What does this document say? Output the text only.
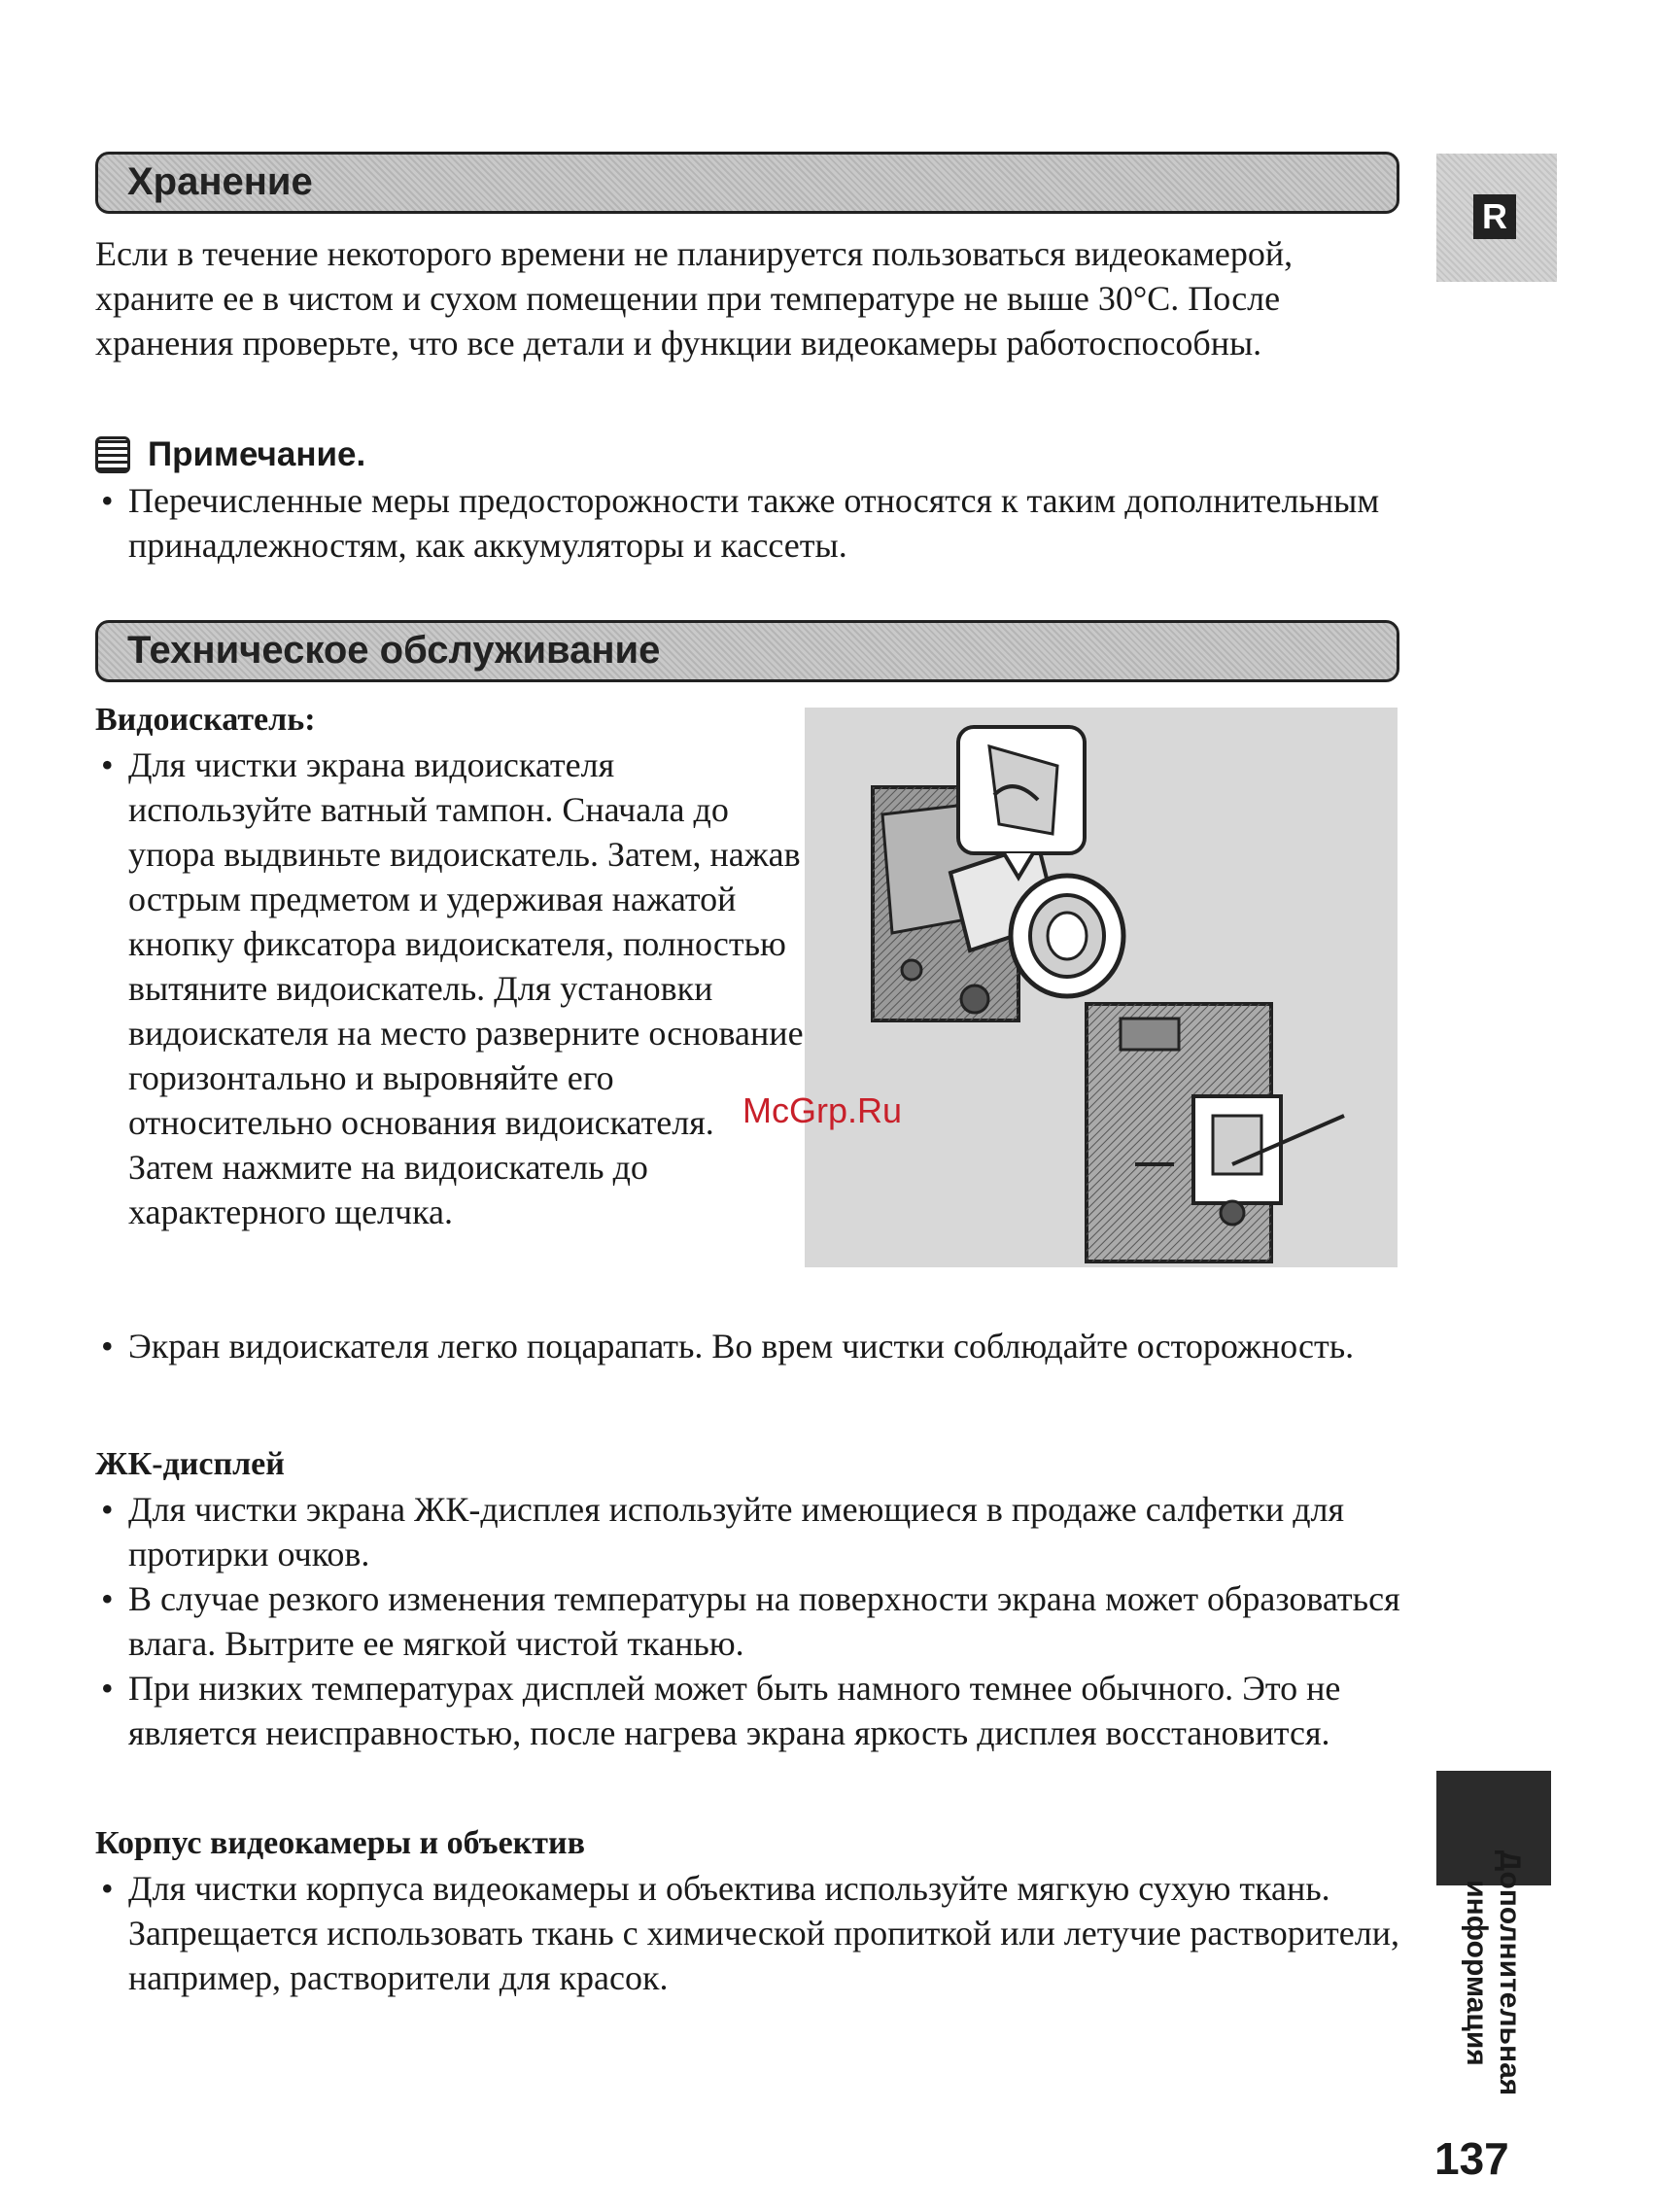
Хранение

Если в течение некоторого времени не планируется пользоваться видеокамерой, храните ее в чистом и сухом помещении при температуре не выше 30°C. После хранения проверьте, что все детали и функции видеокамеры работоспособны.

Примечание.
• Перечисленные меры предосторожности также относятся к таким дополнительным принадлежностям, как аккумуляторы и кассеты.
Техническое обслуживание

Видоискатель:

• Для чистки экрана видоискателя используйте ватный тампон. Сначала до упора выдвиньте видоискатель. Затем, нажав острым предметом и удерживая нажатой кнопку фиксатора видоискателя, полностью вытяните видоискатель. Для установки видоискателя на место разверните основание горизонтально и выровняйте его относительно основания видоискателя. Затем нажмите на видоискатель до характерного щелчка.
• Экран видоискателя легко поцарапать. Во врем чистки соблюдайте осторожность.

ЖК-дисплей

• Для чистки экрана ЖК-дисплея используйте имеющиеся в продаже салфетки для протирки очков.
• В случае резкого изменения температуры на поверхности экрана может образоваться влага. Вытрите ее мягкой чистой тканью.
• При низких температурах дисплей может быть намного темнее обычного. Это не является неисправностью, после нагрева экрана яркость дисплея восстановится.

Корпус видеокамеры и объектив

• Для чистки корпуса видеокамеры и объектива используйте мягкую сухую ткань. Запрещается использовать ткань с химической пропиткой или летучие растворители, например, растворители для красок.
R
Дополнительная
информация
137
McGrp.Ru
